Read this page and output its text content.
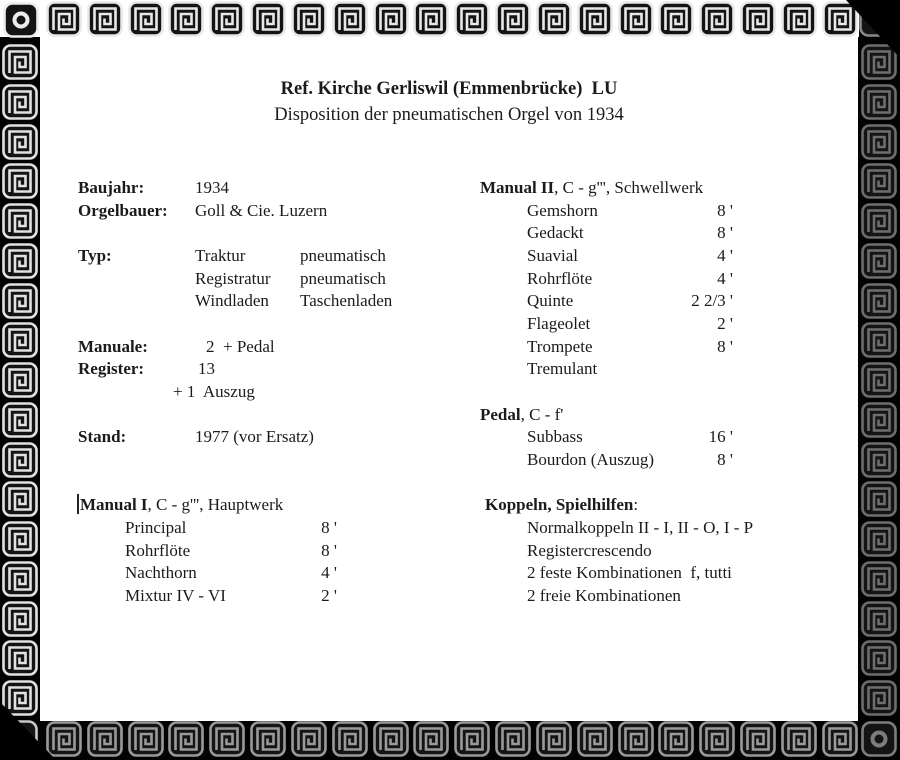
Ref. Kirche Gerliswil (Emmenbrücke)  LU
Disposition der pneumatischen Orgel von 1934
Baujahr:	1934
Orgelbauer: Goll & Cie. Luzern
Typ:	Traktur	pneumatisch
Registratur pneumatisch
Windladen Taschenladen
Manuale:	2  + Pedal
Register:	13
+ 1  Auszug
Stand:	1977 (vor Ersatz)
Manual I, C - g''', Hauptwerk
Principal	8 '
Rohrflöte	8 '
Nachthorn	4 '
Mixtur IV - VI	2 '
Manual II, C - g''', Schwellwerk
Gemshorn	8 '
Gedackt	8 '
Suavial	4 '
Rohrflöte	4 '
Quinte	2 2/3 '
Flageolet	2 '
Trompete	8 '
Tremulant
Pedal, C - f'
Subbass	16 '
Bourdon (Auszug)	8 '
Koppeln, Spielhilfen:
Normalkoppeln II - I, II - O, I - P
Registercrescendo
2 feste Kombinationen  f, tutti
2 freie Kombinationen
